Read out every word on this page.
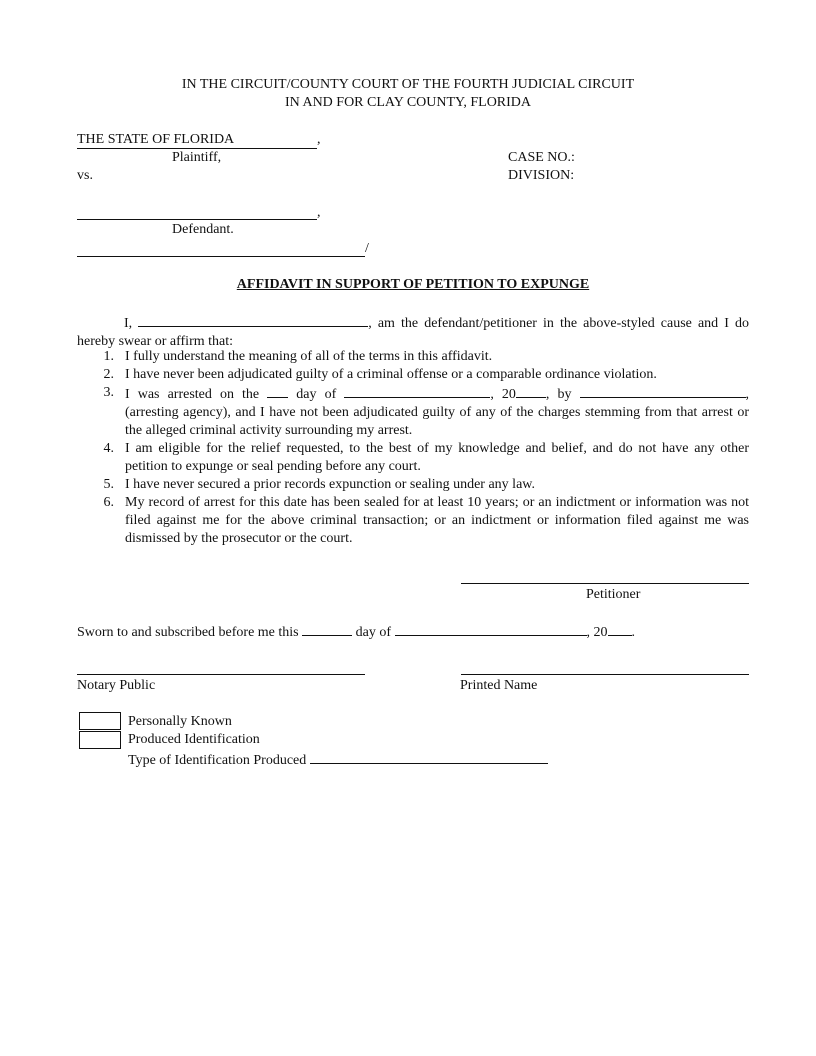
IN THE CIRCUIT/COUNTY COURT OF THE FOURTH JUDICIAL CIRCUIT
IN AND FOR CLAY COUNTY, FLORIDA
THE STATE OF FLORIDA	,
Plaintiff,
vs.
CASE NO.:
DIVISION:
,
Defendant.
/
AFFIDAVIT IN SUPPORT OF PETITION TO EXPUNGE
I,	, am the defendant/petitioner in the above-styled cause and I do hereby swear or affirm that:
1. I fully understand the meaning of all of the terms in this affidavit.
2. I have never been adjudicated guilty of a criminal offense or a comparable ordinance violation.
3. I was arrested on the	day of	, 20 , by	, (arresting agency), and I have not been adjudicated guilty of any of the charges stemming from that arrest or the alleged criminal activity surrounding my arrest.
4. I am eligible for the relief requested, to the best of my knowledge and belief, and do not have any other petition to expunge or seal pending before any court.
5. I have never secured a prior records expunction or sealing under any law.
6. My record of arrest for this date has been sealed for at least 10 years; or an indictment or information was not filed against me for the above criminal transaction; or an indictment or information filed against me was dismissed by the prosecutor or the court.
Petitioner
Sworn to and subscribed before me this	day of	, 20 .
Notary Public	Printed Name
Personally Known
Produced Identification
Type of Identification Produced
